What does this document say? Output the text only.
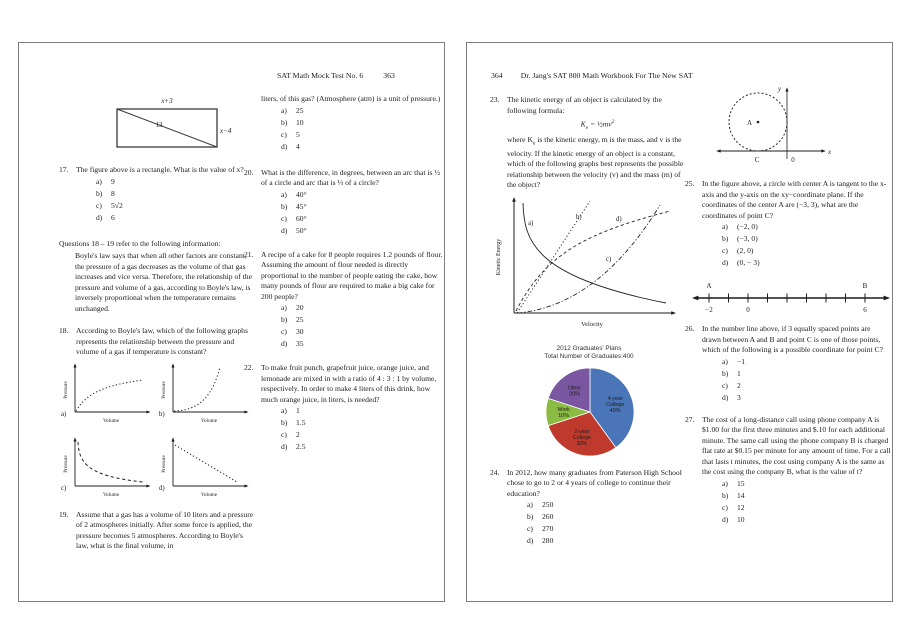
SAT Math Mock Test No. 6	363
x+3
13
x−4
17. The figure above is a rectangle. What is the value of x?
a)	9
b)	8
c)	5√2
d)	6
Questions 18 – 19 refer to the following information:
Boyle's law says that when all other factors are constant, the pressure of a gas decreases as the volume of that gas increases and vice versa. Therefore, the relationship of the pressure and volume of a gas, according to Boyle's law, is inversely proportional when the temperature remains unchanged.
18. According to Boyle's law, which of the following graphs represents the relationship between the pressure and volume of a gas if temperature is constant?
Pressure
Volume
a)
Pressure
Volume
b)
Pressure
Volume
c)
Pressure
Volume
d)
19. Assume that a gas has a volume of 10 liters and a pressure of 2 atmospheres initially. After some force is applied, the pressure becomes 5 atmospheres. According to Boyle's law, what is the final volume, in
liters, of this gas? (Atmosphere (atm) is a unit of pressure.)
a)	25
b)	10
c)	5
d)	4
20. What is the difference, in degrees, between an arc that is ½ of a circle and arc that is ⅓ of a circle?
a)	40°
b)	45°
c)	60°
d)	50°
21. A recipe of a cake for 8 people requires 1.2 pounds of flour. Assuming the amount of flour needed is directly proportional to the number of people eating the cake, how many pounds of flour are required to make a big cake for 200 people?
a)	20
b)	25
c)	30
d)	35
22. To make fruit punch, grapefruit juice, orange juice, and lemonade are mixed in with a ratio of 4 : 3 : 1 by volume, respectively. In order to make 4 liters of this drink, how much orange juice, in liters, is needed?
a)	1
b)	1.5
c)	2
d)	2.5
364 Dr. Jang's SAT 800 Math Workbook For The New SAT
23. The kinetic energy of an object is calculated by the following formula:
$K_e$ = $\frac{1}{2}mv^2$
where $K_e$ is the kinetic energy, m is the mass, and v is the velocity. If the kinetic energy of an object is a constant, which of the following graphs best represents the possible relationship between the velocity (v) and the mass (m) of the object?
Kinetic Energy
Velocity
a)
b)
c)
d)
2012 Graduates' Plans
Total Number of Graduates:400
4-year College 40%
2-year College 30%
Work 10%
Other 20%
24. In 2012, how many graduates from Paterson High School chose to go to 2 or 4 years of college to continue their education?
a)	250
b)	260
c)	270
d)	280
A
y
C	0
x
25. In the figure above, a circle with center A is tangent to the x-axis and the y-axis on the xy−coordinate plane. If the coordinates of the center A are (−3, 3), what are the coordinates of point C?
a)	(−2, 0)
b)	(−3, 0)
c)	(2, 0)
d)	(0, − 3)
A	B
−2	0	6
26. In the number line above, if 3 equally spaced points are drawn between A and B and point C is one of those points, which of the following is a possible coordinate for point C?
a)	−1
b)	1
c)	2
d)	3
27. The cost of a long-distance call using phone company A is $1.00 for the first three minutes and $.10 for each additional minute. The same call using the phone company B is charged flat rate at $0.15 per minute for any amount of time. For a call that lasts t minutes, the cost using company A is the same as the cost using the company B, what is the value of t?
a)	15
b)	14
c)	12
d)	10
